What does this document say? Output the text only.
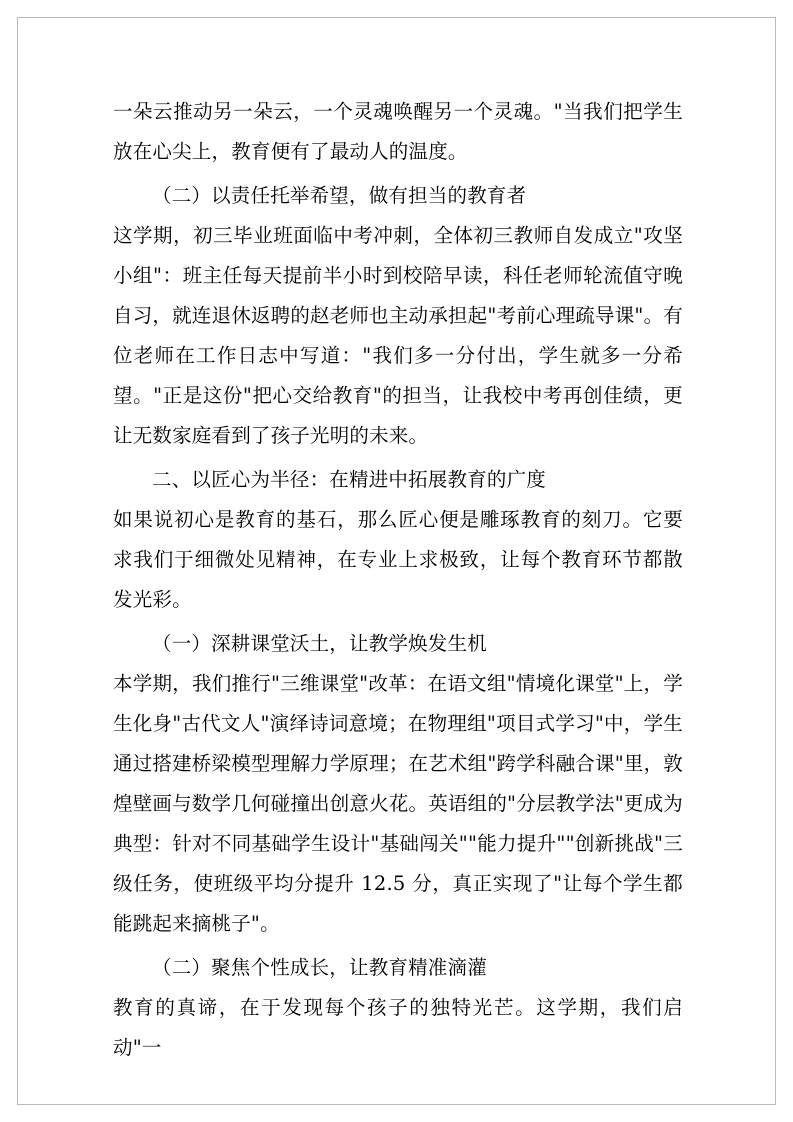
一朵云推动另一朵云，一个灵魂唤醒另一个灵魂。"当我们把学生放在心尖上，教育便有了最动人的温度。

（二）以责任托举希望，做有担当的教育者

这学期，初三毕业班面临中考冲刺，全体初三教师自发成立"攻坚小组"：班主任每天提前半小时到校陪早读，科任老师轮流值守晚自习，就连退休返聘的赵老师也主动承担起"考前心理疏导课"。有位老师在工作日志中写道："我们多一分付出，学生就多一分希望。"正是这份"把心交给教育"的担当，让我校中考再创佳绩，更让无数家庭看到了孩子光明的未来。

二、以匠心为半径：在精进中拓展教育的广度

如果说初心是教育的基石，那么匠心便是雕琢教育的刻刀。它要求我们于细微处见精神，在专业上求极致，让每个教育环节都散发光彩。

（一）深耕课堂沃土，让教学焕发生机

本学期，我们推行"三维课堂"改革：在语文组"情境化课堂"上，学生化身"古代文人"演绎诗词意境；在物理组"项目式学习"中，学生通过搭建桥梁模型理解力学原理；在艺术组"跨学科融合课"里，敦煌壁画与数学几何碰撞出创意火花。英语组的"分层教学法"更成为典型：针对不同基础学生设计"基础闯关""能力提升""创新挑战"三级任务，使班级平均分提升 12.5 分，真正实现了"让每个学生都能跳起来摘桃子"。

（二）聚焦个性成长，让教育精准滴灌

教育的真谛，在于发现每个孩子的独特光芒。这学期，我们启动"一
